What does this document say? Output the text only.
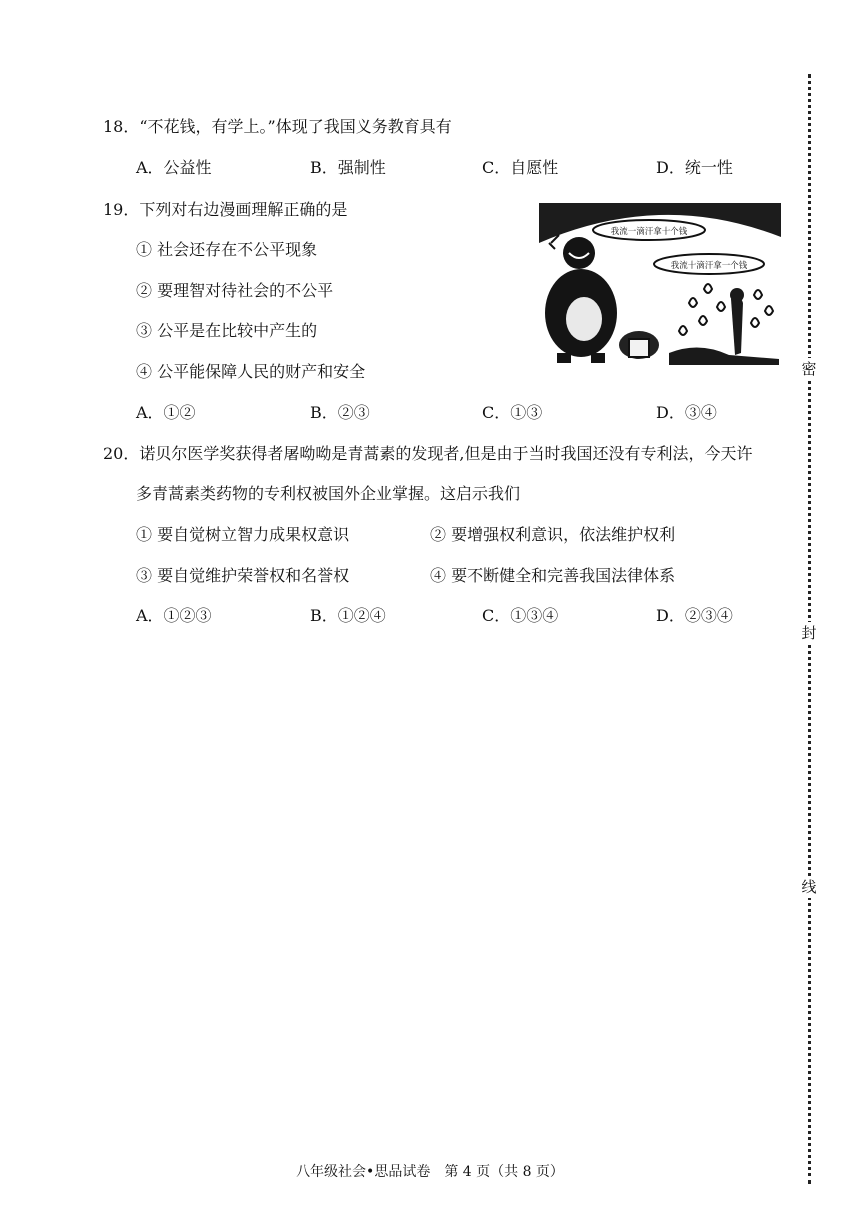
18．“不花钱，有学上。”体现了我国义务教育具有
A．公益性	B．强制性	C．自愿性	D．统一性
19．下列对右边漫画理解正确的是
① 社会还存在不公平现象
② 要理智对待社会的不公平
③ 公平是在比较中产生的
④ 公平能保障人民的财产和安全
A．①②	B．②③	C．①③	D．③④
我流一滴汗拿十个钱
我流十滴汗拿一个钱
20．诺贝尔医学奖获得者屠呦呦是青蒿素的发现者,但是由于当时我国还没有专利法，今天许
多青蒿素类药物的专利权被国外企业掌握。这启示我们
① 要自觉树立智力成果权意识	② 要增强权利意识，依法维护权利
③ 要自觉维护荣誉权和名誉权	④ 要不断健全和完善我国法律体系
A．①②③	B．①②④	C．①③④	D．②③④
密
封
线
八年级社会•思品试卷　第 4 页（共 8 页）
